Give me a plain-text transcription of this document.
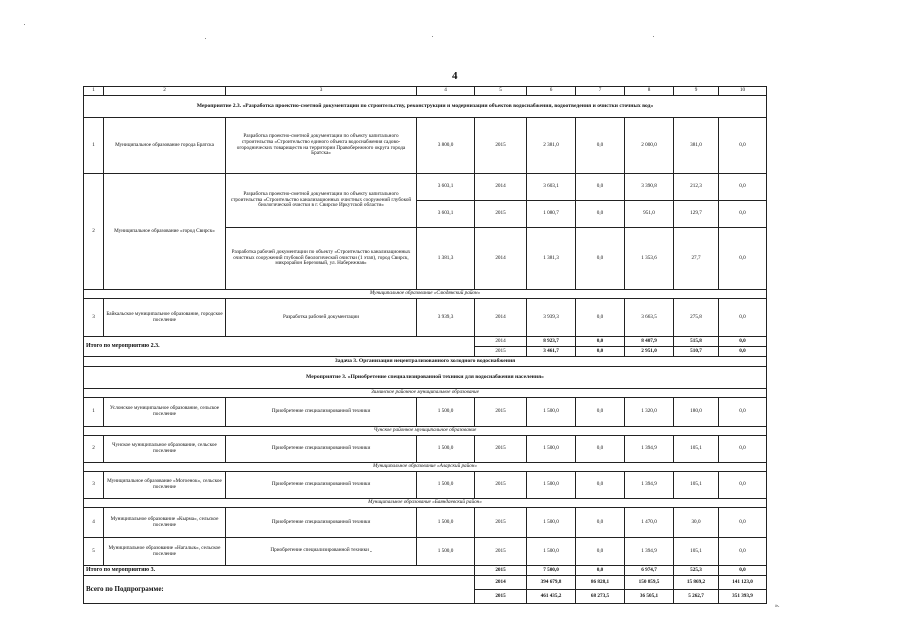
4
1	2	3	4	5	6	7	8	9	10
Мероприятие 2.3. «Разработка проектно-сметной документации по строительству, реконструкции и модернизации объектов водоснабжения, водоотведения и очистки сточных вод»									
1	Муниципальное образование города Братска	Разработка проектно-сметной документации по объекту капитального строительства «Строительство единого объекта водоснабжения садово-огороднических товариществ на территории Правобережного округа города Братска»	3 800,0	2015	2 381,0	0,0	2 000,0	381,0	0,0
2	Муниципальное образование «город Свирск»	Разработка проектно-сметной документации по объекту капитального строительства «Строительство канализационных очистных сооружений глубокой биологической очистки в г. Свирске Иркутской области»	3 603,1	2014	3 603,1	0,0	3 390,8	212,3	0,0
			3 603,1	2015	1 080,7	0,0	951,0	129,7	0,0
		Разработка рабочей документации по объекту «Строительство канализационных очистных сооружений глубокой биологической очистки (1 этап), город Свирск, микрорайон Березовый, ул. Набережная»	1 381,3	2014	1 381,3	0,0	1 353,6	27,7	0,0
Муниципальное образование «Слюдянский район»									
3	Байкальское муниципальное образование, городское поселение	Разработка рабочей документации	3 939,3	2014	3 939,3	0,0	3 663,5	275,8	0,0
Итого по мероприятию 2.3.				2014	8 923,7	0,0	8 407,9	515,8	0,0
				2015	3 461,7	0,0	2 951,0	510,7	0,0
Задача 3. Организация нецентрализованного холодного водоснабжения									
Мероприятие 3. «Приобретение специализированной техники для водоснабжения населения»									
Зиминское районное муниципальное образование									
1	Услонское муниципальное образование, сельское поселение	Приобретение специализированной техники	1 500,0	2015	1 500,0	0,0	1 320,0	180,0	0,0
Чунское районное муниципальное образование									
2	Чунское муниципальное образование, сельское поселение	Приобретение специализированной техники	1 500,0	2015	1 500,0	0,0	1 394,9	105,1	0,0
Муниципальное образование «Аларский район»									
3	Муниципальное образование «Могоенок», сельское поселение	Приобретение специализированной техники	1 500,0	2015	1 500,0	0,0	1 394,9	105,1	0,0
Муниципальное образование «Баяндаевский район»									
4	Муниципальное образование «Кырма», сельское поселение	Приобретение специализированной техники	1 500,0	2015	1 500,0	0,0	1 470,0	30,0	0,0
5	Муниципальное образование «Нагалык», сельское поселение	Приобретение специализированной техники $_•$	1 500,0	2015	1 500,0	0,0	1 394,9	105,1	0,0
Итого по мероприятию 3.				2015	7 500,0	0,0	6 974,7	525,3	0,0
Всего по Подпрограмме:				2014	394 679,8	86 828,1	150 859,5	15 869,2	141 123,0
				2015	461 435,2	68 273,5	36 505,1	5 262,7	351 393,9
».
